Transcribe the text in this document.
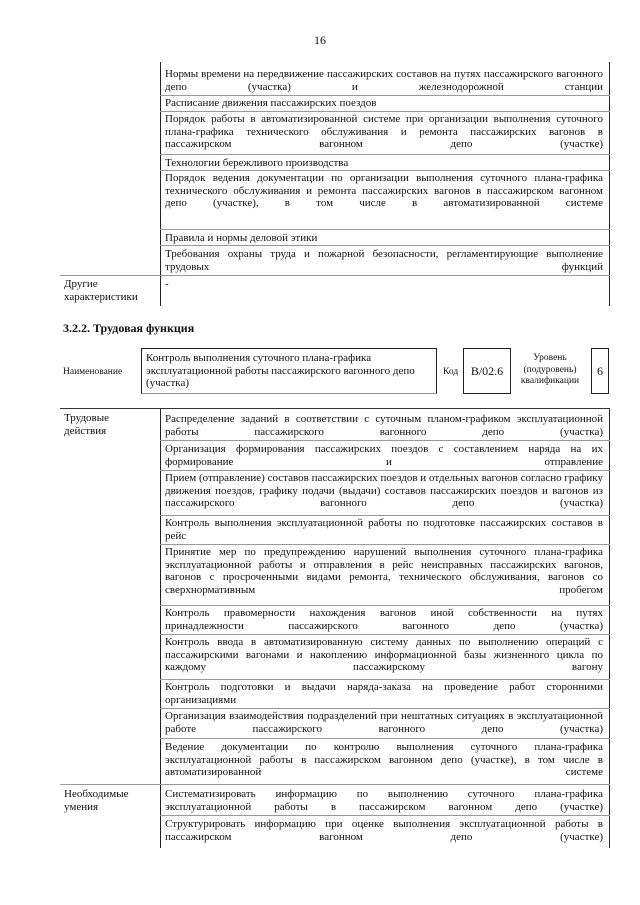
16
Нормы времени на передвижение пассажирских составов на путях пассажирского вагонного депо (участка) и железнодорожной станции
Расписание движения пассажирских поездов
Порядок работы в автоматизированной системе при организации выполнения суточного плана-графика технического обслуживания и ремонта пассажирских вагонов в пассажирском вагонном депо (участке)
Технологии бережливого производства
Порядок ведения документации по организации выполнения суточного плана-графика технического обслуживания и ремонта пассажирских вагонов в пассажирском вагонном депо (участке), в том числе в автоматизированной системе
Правила и нормы деловой этики
Требования охраны труда и пожарной безопасности, регламентирующие выполнение трудовых функций
Другие характеристики
-
3.2.2. Трудовая функция
Наименование
Контроль выполнения суточного плана-графика эксплуатационной работы пассажирского вагонного депо (участка)
Код	В/02.6
Уровень (подуровень) квалификации
6
Трудовые действия
Распределение заданий в соответствии с суточным планом-графиком эксплуатационной работы пассажирского вагонного депо (участка)
Организация формирования пассажирских поездов с составлением наряда на их формирование и отправление
Прием (отправление) составов пассажирских поездов и отдельных вагонов согласно графику движения поездов, графику подачи (выдачи) составов пассажирских поездов и вагонов из пассажирского вагонного депо (участка)
Контроль выполнения эксплуатационной работы по подготовке пассажирских составов в рейс
Принятие мер по предупреждению нарушений выполнения суточного плана-графика эксплуатационной работы и отправления в рейс неисправных пассажирских вагонов, вагонов с просроченными видами ремонта, технического обслуживания, вагонов со сверхнормативным пробегом
Контроль правомерности нахождения вагонов иной собственности на путях принадлежности пассажирского вагонного депо (участка)
Контроль ввода в автоматизированную систему данных по выполнению операций с пассажирскими вагонами и накоплению информационной базы жизненного цикла по каждому пассажирскому вагону
Контроль подготовки и выдачи наряда-заказа на проведение работ сторонними организациями
Организация взаимодействия подразделений при нештатных ситуациях в эксплуатационной работе пассажирского вагонного депо (участка)
Ведение документации по контролю выполнения суточного плана-графика эксплуатационной работы в пассажирском вагонном депо (участке), в том числе в автоматизированной системе
Необходимые умения
Систематизировать информацию по выполнению суточного плана-графика эксплуатационной работы в пассажирском вагонном депо (участке)
Структурировать информацию при оценке выполнения эксплуатационной работы в пассажирском вагонном депо (участке)
